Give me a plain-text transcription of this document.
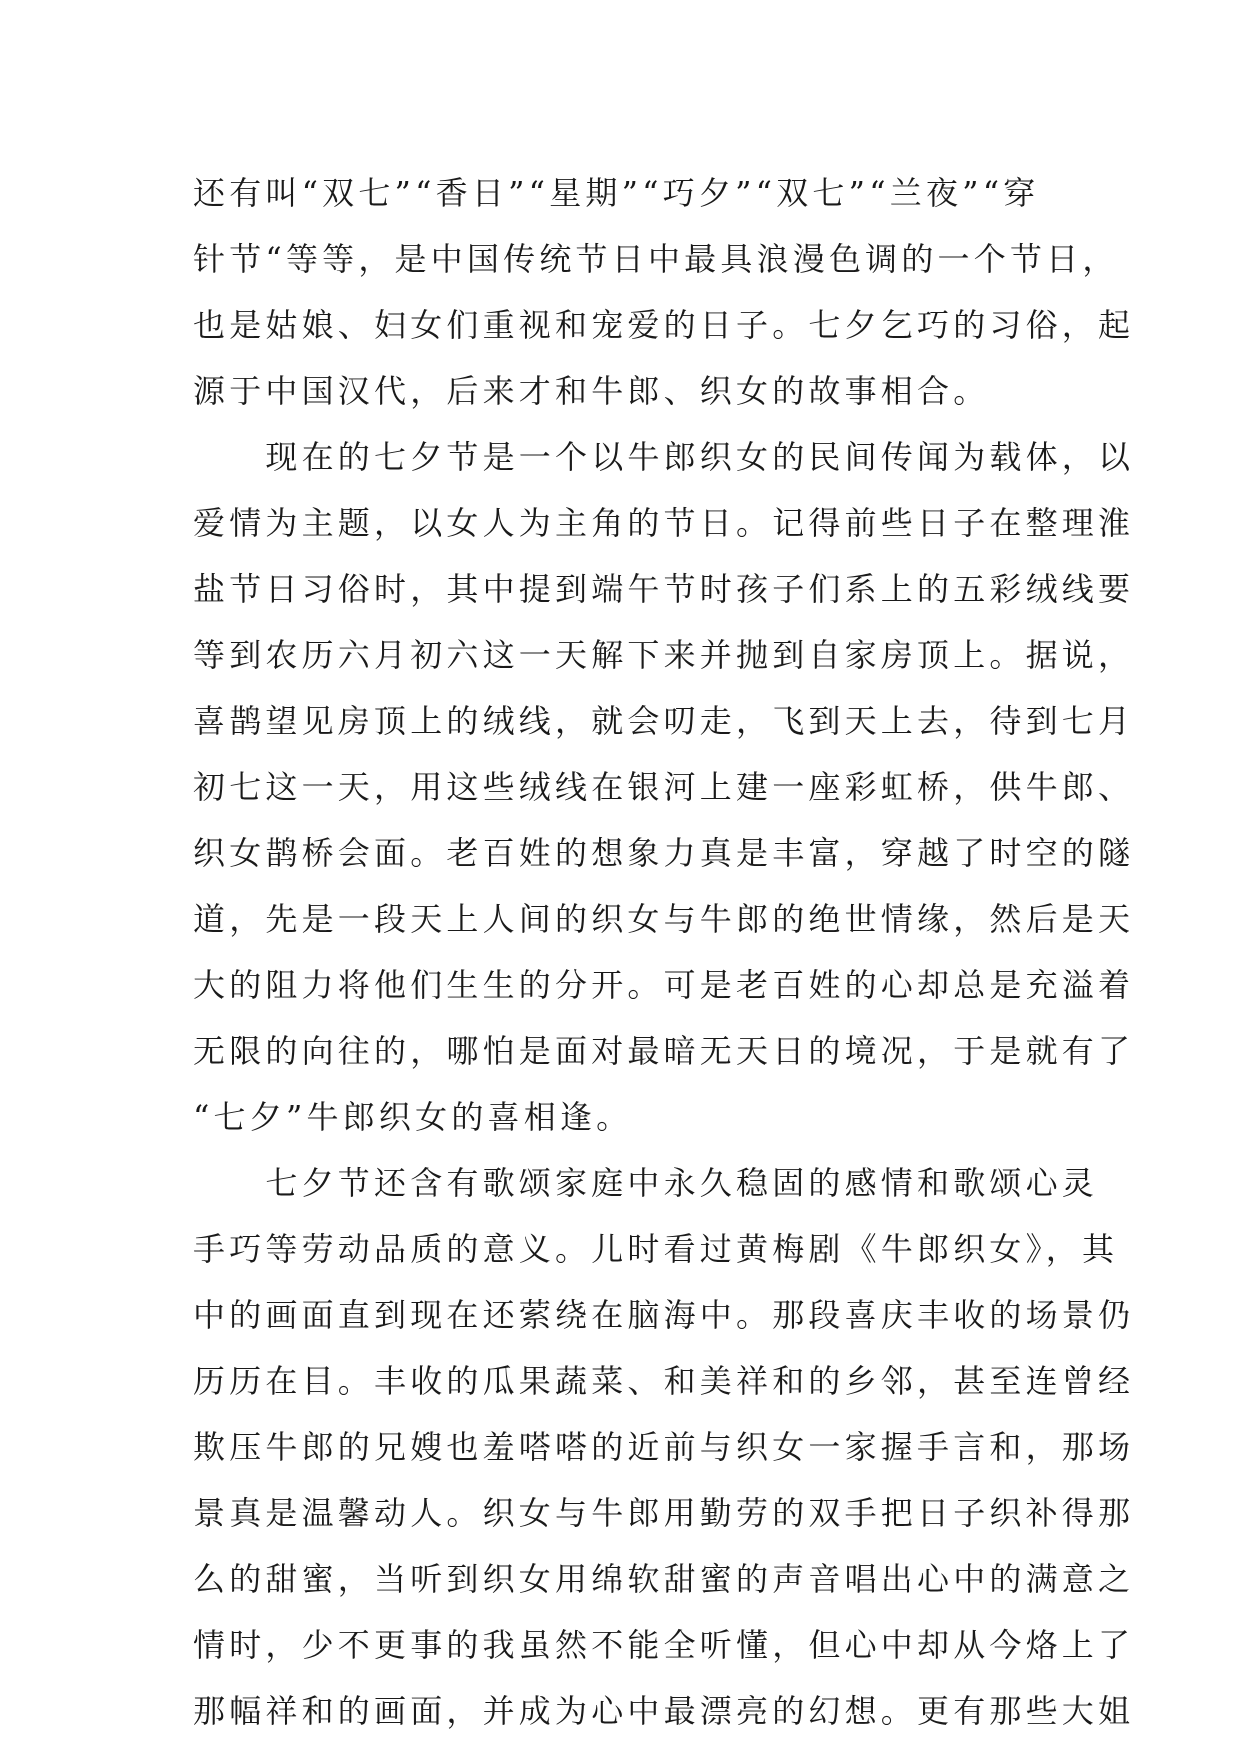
还有叫“双七”“香日”“星期”“巧夕”“双七”“兰夜”“穿
针节“等等，是中国传统节日中最具浪漫色调的一个节日，
也是姑娘、妇女们重视和宠爱的日子。七夕乞巧的习俗，起
源于中国汉代，后来才和牛郎、织女的故事相合。
　　现在的七夕节是一个以牛郎织女的民间传闻为载体，以
爱情为主题，以女人为主角的节日。记得前些日子在整理淮
盐节日习俗时，其中提到端午节时孩子们系上的五彩绒线要
等到农历六月初六这一天解下来并抛到自家房顶上。据说，
喜鹊望见房顶上的绒线，就会叨走，飞到天上去，待到七月
初七这一天，用这些绒线在银河上建一座彩虹桥，供牛郎、
织女鹊桥会面。老百姓的想象力真是丰富，穿越了时空的隧
道，先是一段天上人间的织女与牛郎的绝世情缘，然后是天
大的阻力将他们生生的分开。可是老百姓的心却总是充溢着
无限的向往的，哪怕是面对最暗无天日的境况，于是就有了
“七夕”牛郎织女的喜相逢。
　　七夕节还含有歌颂家庭中永久稳固的感情和歌颂心灵
手巧等劳动品质的意义。儿时看过黄梅剧《牛郎织女》，其
中的画面直到现在还萦绕在脑海中。那段喜庆丰收的场景仍
历历在目。丰收的瓜果蔬菜、和美祥和的乡邻，甚至连曾经
欺压牛郎的兄嫂也羞嗒嗒的近前与织女一家握手言和，那场
景真是温馨动人。织女与牛郎用勤劳的双手把日子织补得那
么的甜蜜，当听到织女用绵软甜蜜的声音唱出心中的满意之
情时，少不更事的我虽然不能全听懂，但心中却从今烙上了
那幅祥和的画面，并成为心中最漂亮的幻想。更有那些大姐
